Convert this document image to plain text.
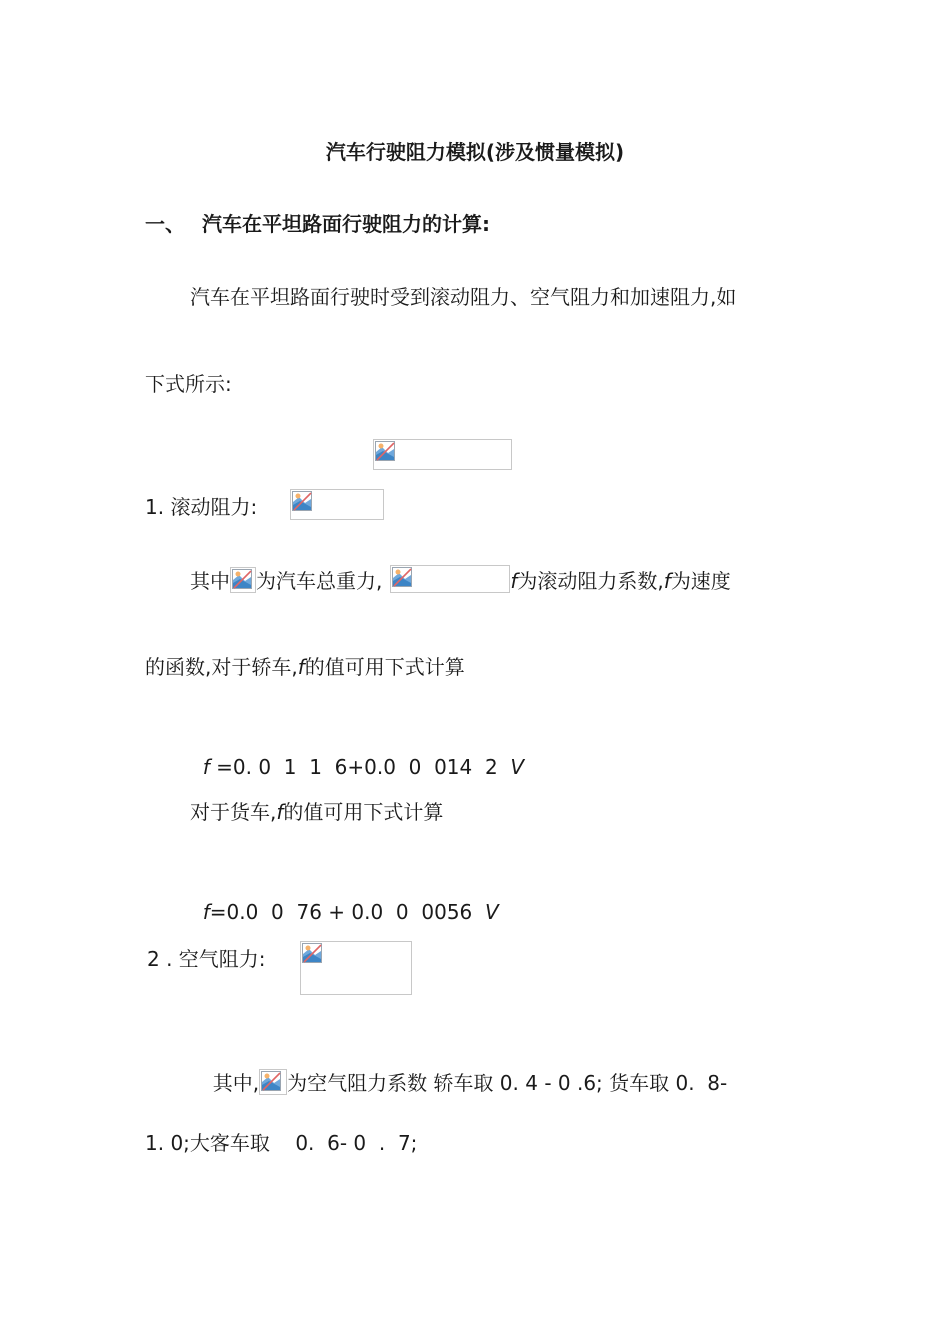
汽车行驶阻力模拟(涉及惯量模拟)
一、 汽车在平坦路面行驶阻力的计算:
汽车在平坦路面行驶时受到滚动阻力、空气阻力和加速阻力,如
下式所示:
1. 滚动阻力:
其中 为汽车总重力,	f为滚动阻力系数,f为速度
的函数,对于轿车,f的值可用下式计算

f =0. 0  1  1  6+0.0  0  014  2  V

对于货车,f的值可用下式计算

f=0.0  0  76 + 0.0  0  0056  V

2 . 空气阻力:

其中, 为空气阻力系数 轿车取 0. 4 - 0 .6; 货车取 0.  8-

1. 0;大客车取    0.  6- 0  .  7;
